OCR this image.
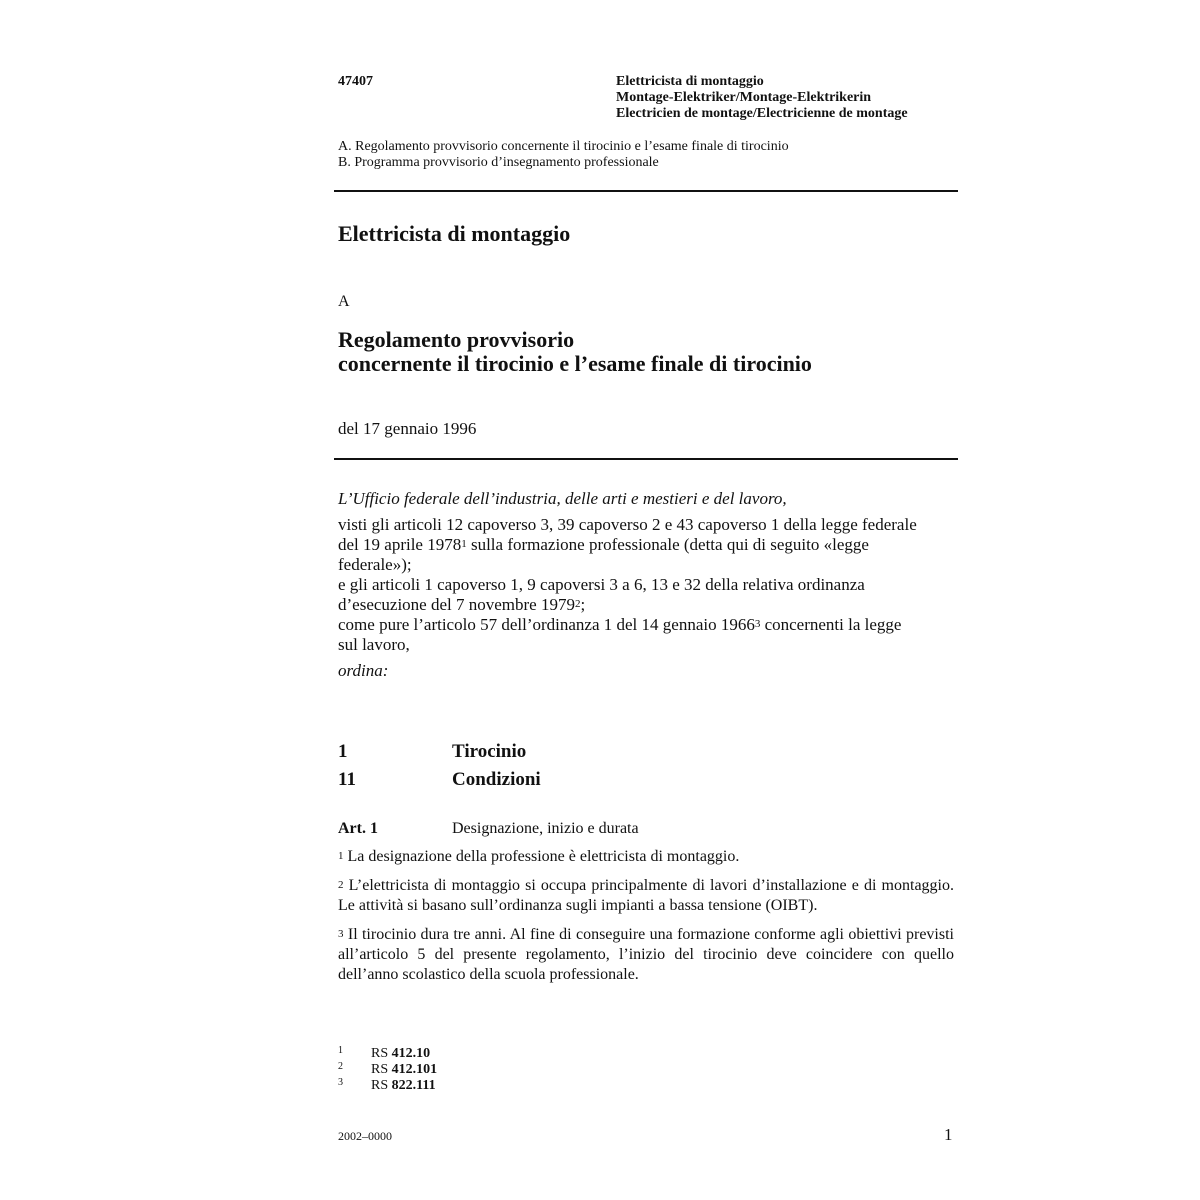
47407	Elettricista di montaggio
Montage-Elektriker/Montage-Elektrikerin
Electricien de montage/Electricienne de montage
A. Regolamento provvisorio concernente il tirocinio e l’esame finale di tirocinio
B. Programma provvisorio d’insegnamento professionale
Elettricista di montaggio
A
Regolamento provvisorio
concernente il tirocinio e l’esame finale di tirocinio
del 17 gennaio 1996

L’Ufficio federale dell’industria, delle arti e mestieri e del lavoro,

visti gli articoli 12 capoverso 3, 39 capoverso 2 e 43 capoverso 1 della legge federale del 19 aprile 1978$^1$ sulla formazione professionale (detta qui di seguito «legge federale»);

e gli articoli 1 capoverso 1, 9 capoversi 3 a 6, 13 e 32 della relativa ordinanza d’esecuzione del 7 novembre 1979$^2$;

come pure l’articolo 57 dell’ordinanza 1 del 14 gennaio 1966$^3$ concernenti la legge sul lavoro,

ordina:

1	Tirocinio
11	Condizioni
Art. 1	Designazione, inizio e durata

$^1$ La designazione della professione è elettricista di montaggio.

$^2$ L’elettricista di montaggio si occupa principalmente di lavori d’installazione e di montaggio. Le attività si basano sull’ordinanza sugli impianti a bassa tensione (OIBT).

$^3$ Il tirocinio dura tre anni. Al fine di conseguire una formazione conforme agli obiettivi previsti all’articolo 5 del presente regolamento, l’inizio del tirocinio deve coincidere con quello dell’anno scolastico della scuola professionale.

1 RS 412.10
2 RS 412.101
3 RS 822.111
2002–0000	1
